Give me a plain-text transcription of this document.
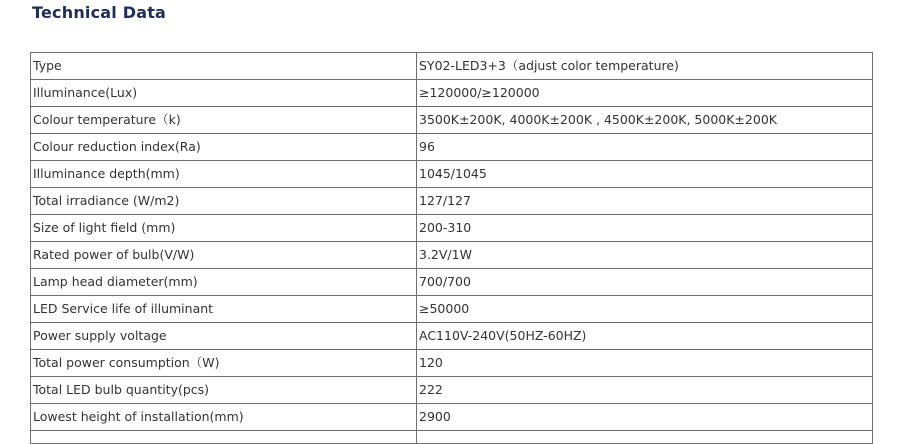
Technical Data
Type	SY02-LED3+3（adjust color temperature)
Illuminance(Lux)	≥120000/≥120000
Colour temperature（k)	3500K±200K, 4000K±200K , 4500K±200K, 5000K±200K
Colour reduction index(Ra)	96
Illuminance depth(mm)	1045/1045
Total irradiance (W/m2)	127/127
Size of light field (mm)	200-310
Rated power of bulb(V/W)	3.2V/1W
Lamp head diameter(mm)	700/700
LED Service life of illuminant	≥50000
Power supply voltage	AC110V-240V(50HZ-60HZ)
Total power consumption（W)	120
Total LED bulb quantity(pcs)	222
Lowest height of installation(mm)	2900
